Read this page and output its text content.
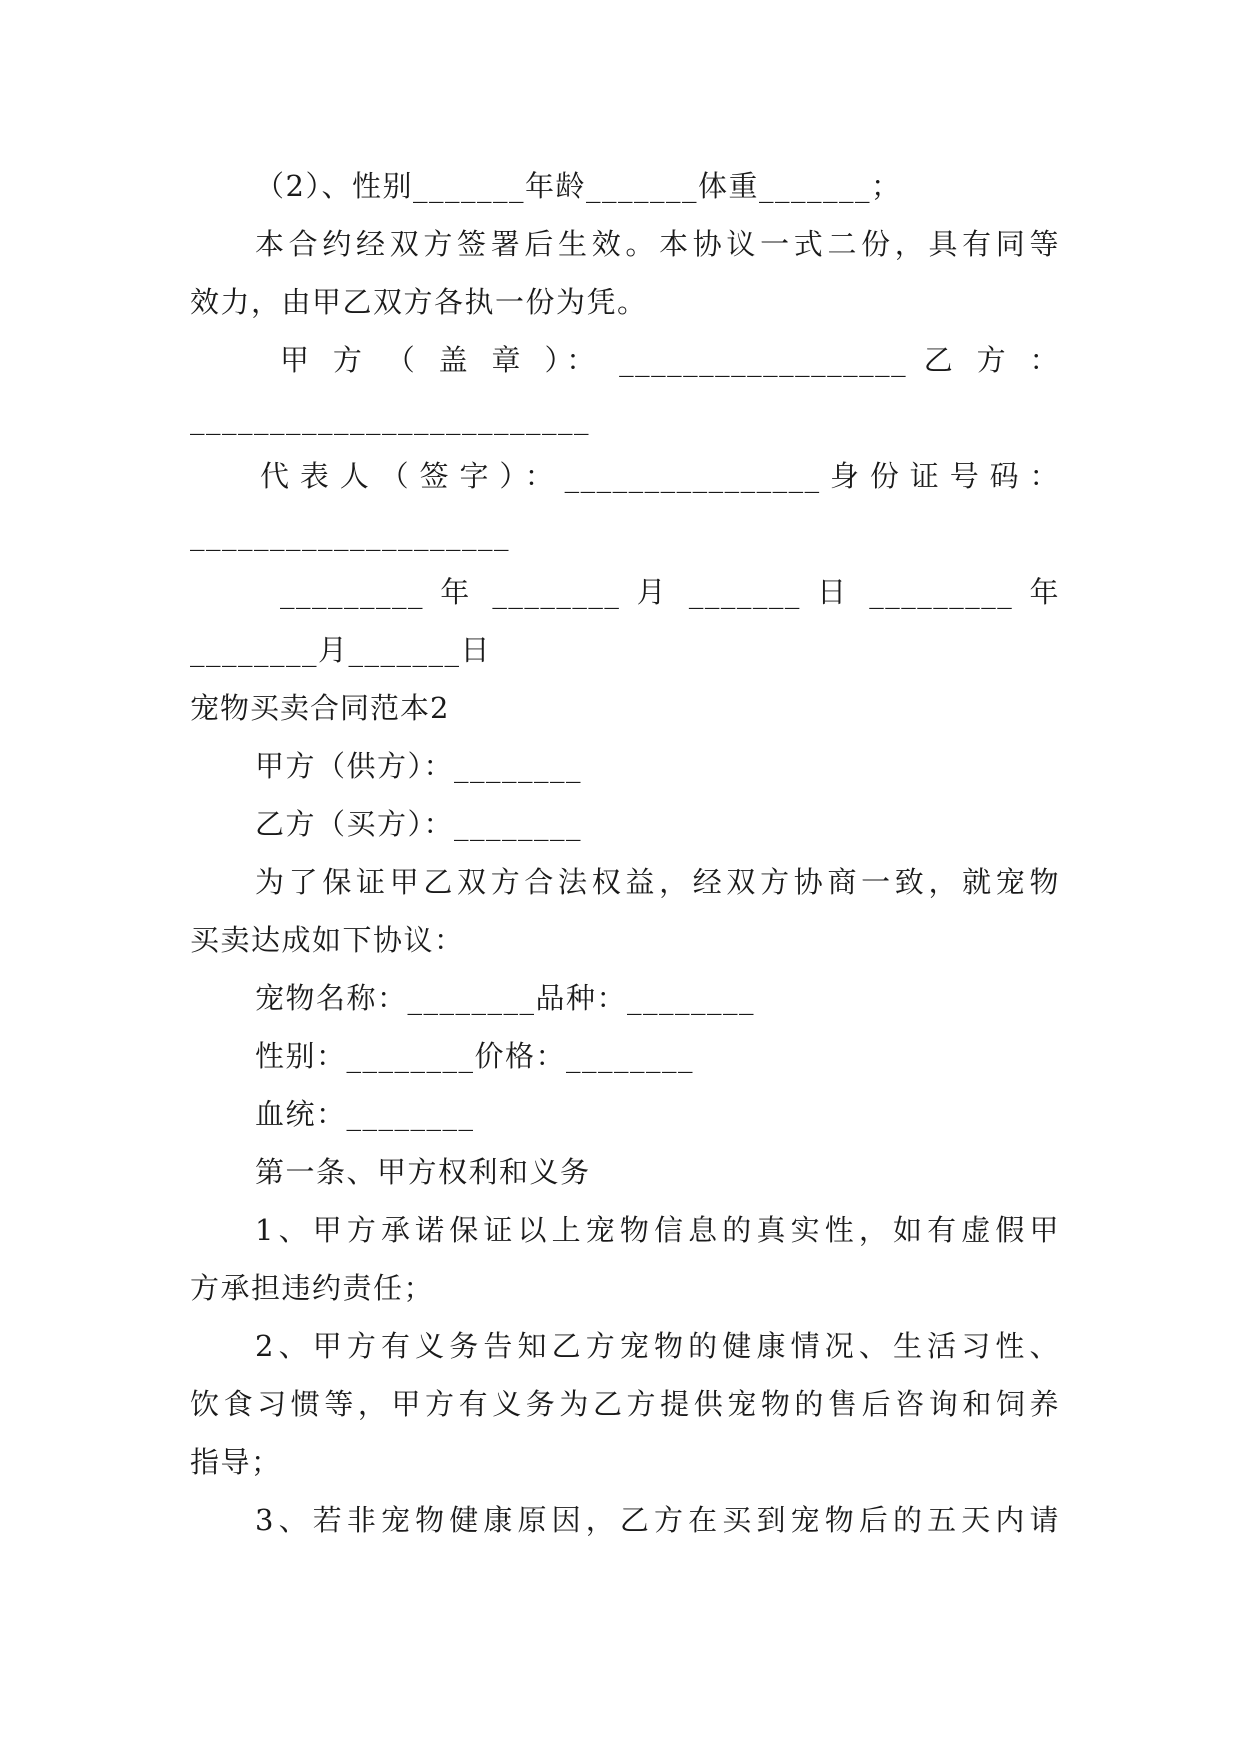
（2）、性别_______年龄_______体重_______；
本合约经双方签署后生效。本协议一式二份，具有同等
效力，由甲乙双方各执一份为凭。
甲 方 （ 盖 章 ）： __________________ 乙 方 ：
_________________________
代表人（签字）：________________身份证号码：
____________________
_________ 年 ________ 月 _______ 日 _________ 年
________月_______日
宠物买卖合同范本2
甲方（供方）：________
乙方（买方）：________
为了保证甲乙双方合法权益，经双方协商一致，就宠物
买卖达成如下协议：
宠物名称：________品种：________
性别：________价格：________
血统：________
第一条、甲方权利和义务
1、甲方承诺保证以上宠物信息的真实性，如有虚假甲
方承担违约责任；
2、甲方有义务告知乙方宠物的健康情况、生活习性、
饮食习惯等，甲方有义务为乙方提供宠物的售后咨询和饲养
指导；
3、若非宠物健康原因，乙方在买到宠物后的五天内请
